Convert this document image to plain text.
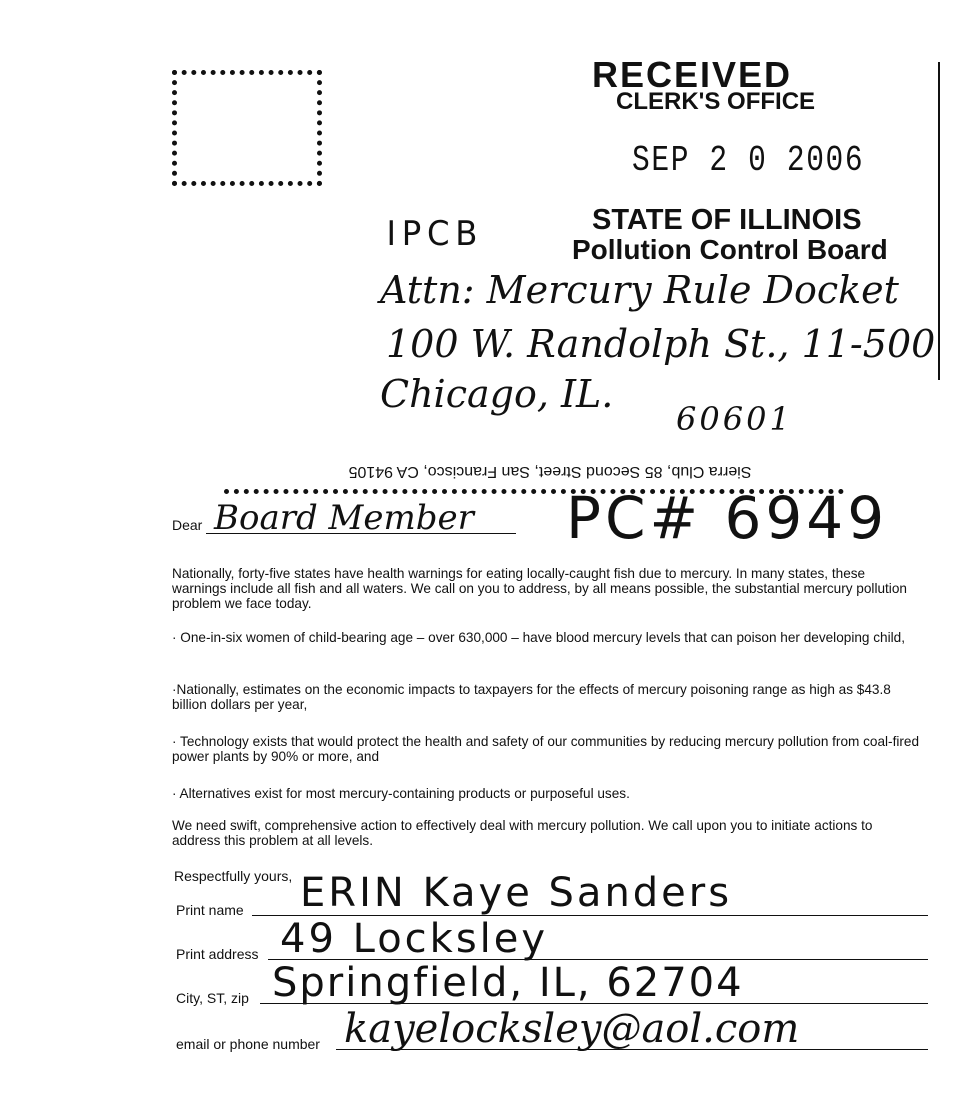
RECEIVED
CLERK'S OFFICE
SEP 2 0 2006
STATE OF ILLINOIS
Pollution Control Board
IPCB
Attn: Mercury Rule Docket
100 W. Randolph St., 11-500
Chicago, IL.
60601
Sierra Club, 85 Second Street, San Francisco, CA 94105
Dear Board Member PC# 6949
Nationally, forty-five states have health warnings for eating locally-caught fish due to mercury. In many states, these warnings include all fish and all waters. We call on you to address, by all means possible, the substantial mercury pollution problem we face today.
· One-in-six women of child-bearing age – over 630,000 – have blood mercury levels that can poison her developing child,
·Nationally, estimates on the economic impacts to taxpayers for the effects of mercury poisoning range as high as $43.8 billion dollars per year,
· Technology exists that would protect the health and safety of our communities by reducing mercury pollution from coal-fired power plants by 90% or more, and
· Alternatives exist for most mercury-containing products or purposeful uses.
We need swift, comprehensive action to effectively deal with mercury pollution. We call upon you to initiate actions to address this problem at all levels.
Respectfully yours,
Print name ERIN Kaye Sanders
Print address 49 Locksley
City, ST, zip Springfield, IL, 62704
email or phone number kayelocksley@aol.com
